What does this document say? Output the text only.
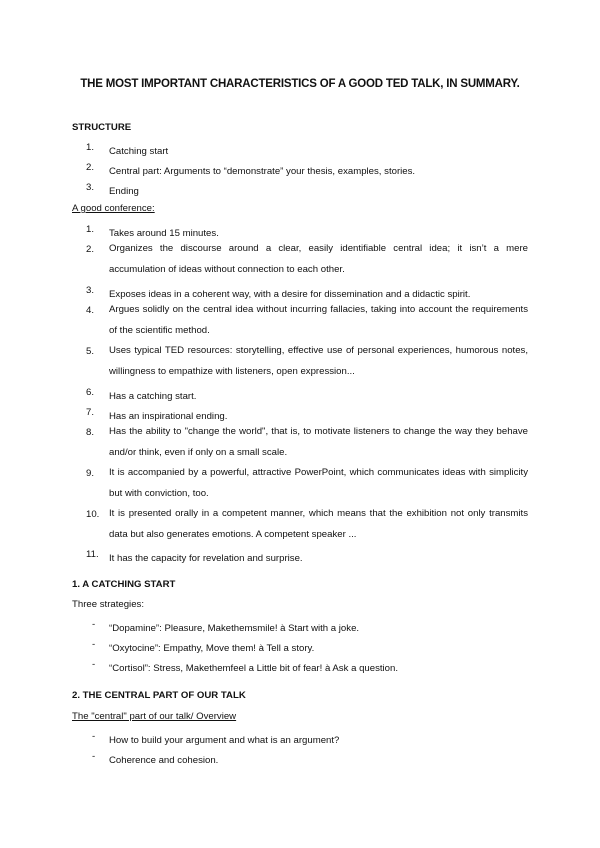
THE MOST IMPORTANT CHARACTERISTICS OF A GOOD TED TALK, IN SUMMARY.
STRUCTURE
1.	Catching start
2.	Central part: Arguments to “demonstrate” your thesis, examples, stories.
3.	Ending
A good conference:
1.	Takes around 15 minutes.
2.	Organizes the discourse around a clear, easily identifiable central idea; it isn’t a mere accumulation of ideas without connection to each other.
3.	Exposes ideas in a coherent way, with a desire for dissemination and a didactic spirit.
4.	Argues solidly on the central idea without incurring fallacies, taking into account the requirements of the scientific method.
5.	Uses typical TED resources: storytelling, effective use of personal experiences, humorous notes, willingness to empathize with listeners, open expression...
6.	Has a catching start.
7.	Has an inspirational ending.
8.	Has the ability to "change the world", that is, to motivate listeners to change the way they behave and/or think, even if only on a small scale.
9.	It is accompanied by a powerful, attractive PowerPoint, which communicates ideas with simplicity but with conviction, too.
10.	It is presented orally in a competent manner, which means that the exhibition not only transmits data but also generates emotions. A competent speaker ...
11.	It has the capacity for revelation and surprise.
1. A CATCHING START
Three strategies:
- “Dopamine”: Pleasure, Makethemsmile! à Start with a joke.
- “Oxytocine”: Empathy, Move them! à Tell a story.
- “Cortisol”: Stress, Makethemfeel a Little bit of fear! à Ask a question.
2. THE CENTRAL PART OF OUR TALK
The "central" part of our talk/ Overview
- How to build your argument and what is an argument?
- Coherence and cohesion.
